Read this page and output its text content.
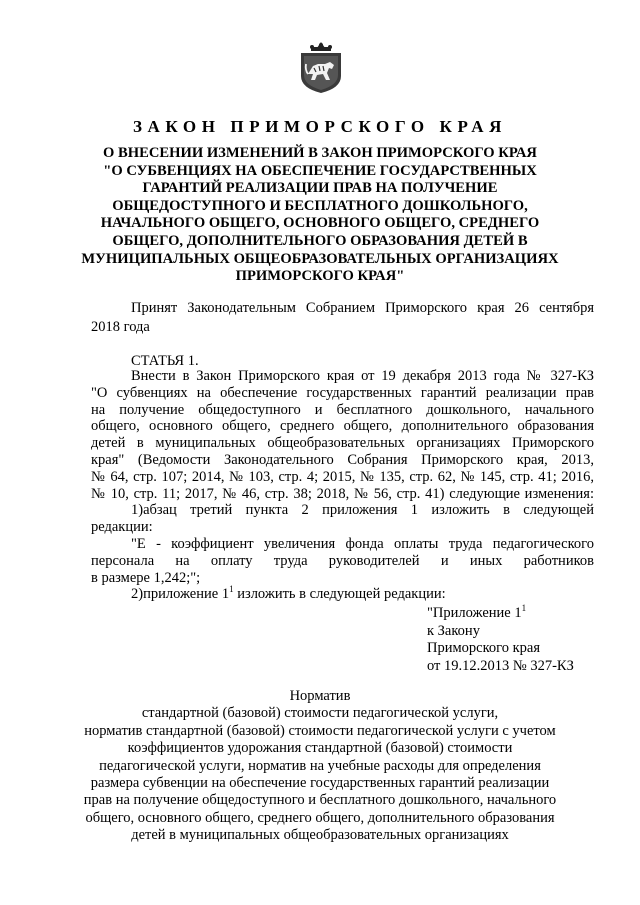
ЗАКОН ПРИМОРСКОГО КРАЯ
О ВНЕСЕНИИ ИЗМЕНЕНИЙ В ЗАКОН ПРИМОРСКОГО КРАЯ
"О СУБВЕНЦИЯХ НА ОБЕСПЕЧЕНИЕ ГОСУДАРСТВЕННЫХ
ГАРАНТИЙ РЕАЛИЗАЦИИ ПРАВ НА ПОЛУЧЕНИЕ
ОБЩЕДОСТУПНОГО И БЕСПЛАТНОГО ДОШКОЛЬНОГО,
НАЧАЛЬНОГО ОБЩЕГО, ОСНОВНОГО ОБЩЕГО, СРЕДНЕГО
ОБЩЕГО, ДОПОЛНИТЕЛЬНОГО ОБРАЗОВАНИЯ ДЕТЕЙ В
МУНИЦИПАЛЬНЫХ ОБЩЕОБРАЗОВАТЕЛЬНЫХ ОРГАНИЗАЦИЯХ
ПРИМОРСКОГО КРАЯ"
Принят Законодательным Собранием Приморского края 26 сентября
2018 года
СТАТЬЯ 1.

Внести в Закон Приморского края от 19 декабря 2013 года № 327-КЗ
"О субвенциях на обеспечение государственных гарантий реализации прав
на получение общедоступного и бесплатного дошкольного, начального
общего, основного общего, среднего общего, дополнительного образования
детей в муниципальных общеобразовательных организациях Приморского
края" (Ведомости Законодательного Собрания Приморского края, 2013,
№ 64, стр. 107; 2014, № 103, стр. 4; 2015, № 135, стр. 62, № 145, стр. 41; 2016,
№ 10, стр. 11; 2017, № 46, стр. 38; 2018, № 56, стр. 41) следующие изменения:

1)абзац третий пункта 2 приложения 1 изложить в следующей
редакции:

"Е - коэффициент увеличения фонда оплаты труда педагогического
персонала на оплату труда руководителей и иных работников
в размере 1,242;";

2)приложение $1^1$ изложить в следующей редакции:

"Приложение $1^1$
к Закону
Приморского края
от 19.12.2013 № 327-КЗ
Норматив
стандартной (базовой) стоимости педагогической услуги,
норматив стандартной (базовой) стоимости педагогической услуги с учетом
коэффициентов удорожания стандартной (базовой) стоимости
педагогической услуги, норматив на учебные расходы для определения
размера субвенции на обеспечение государственных гарантий реализации
прав на получение общедоступного и бесплатного дошкольного, начального
общего, основного общего, среднего общего, дополнительного образования
детей в муниципальных общеобразовательных организациях
